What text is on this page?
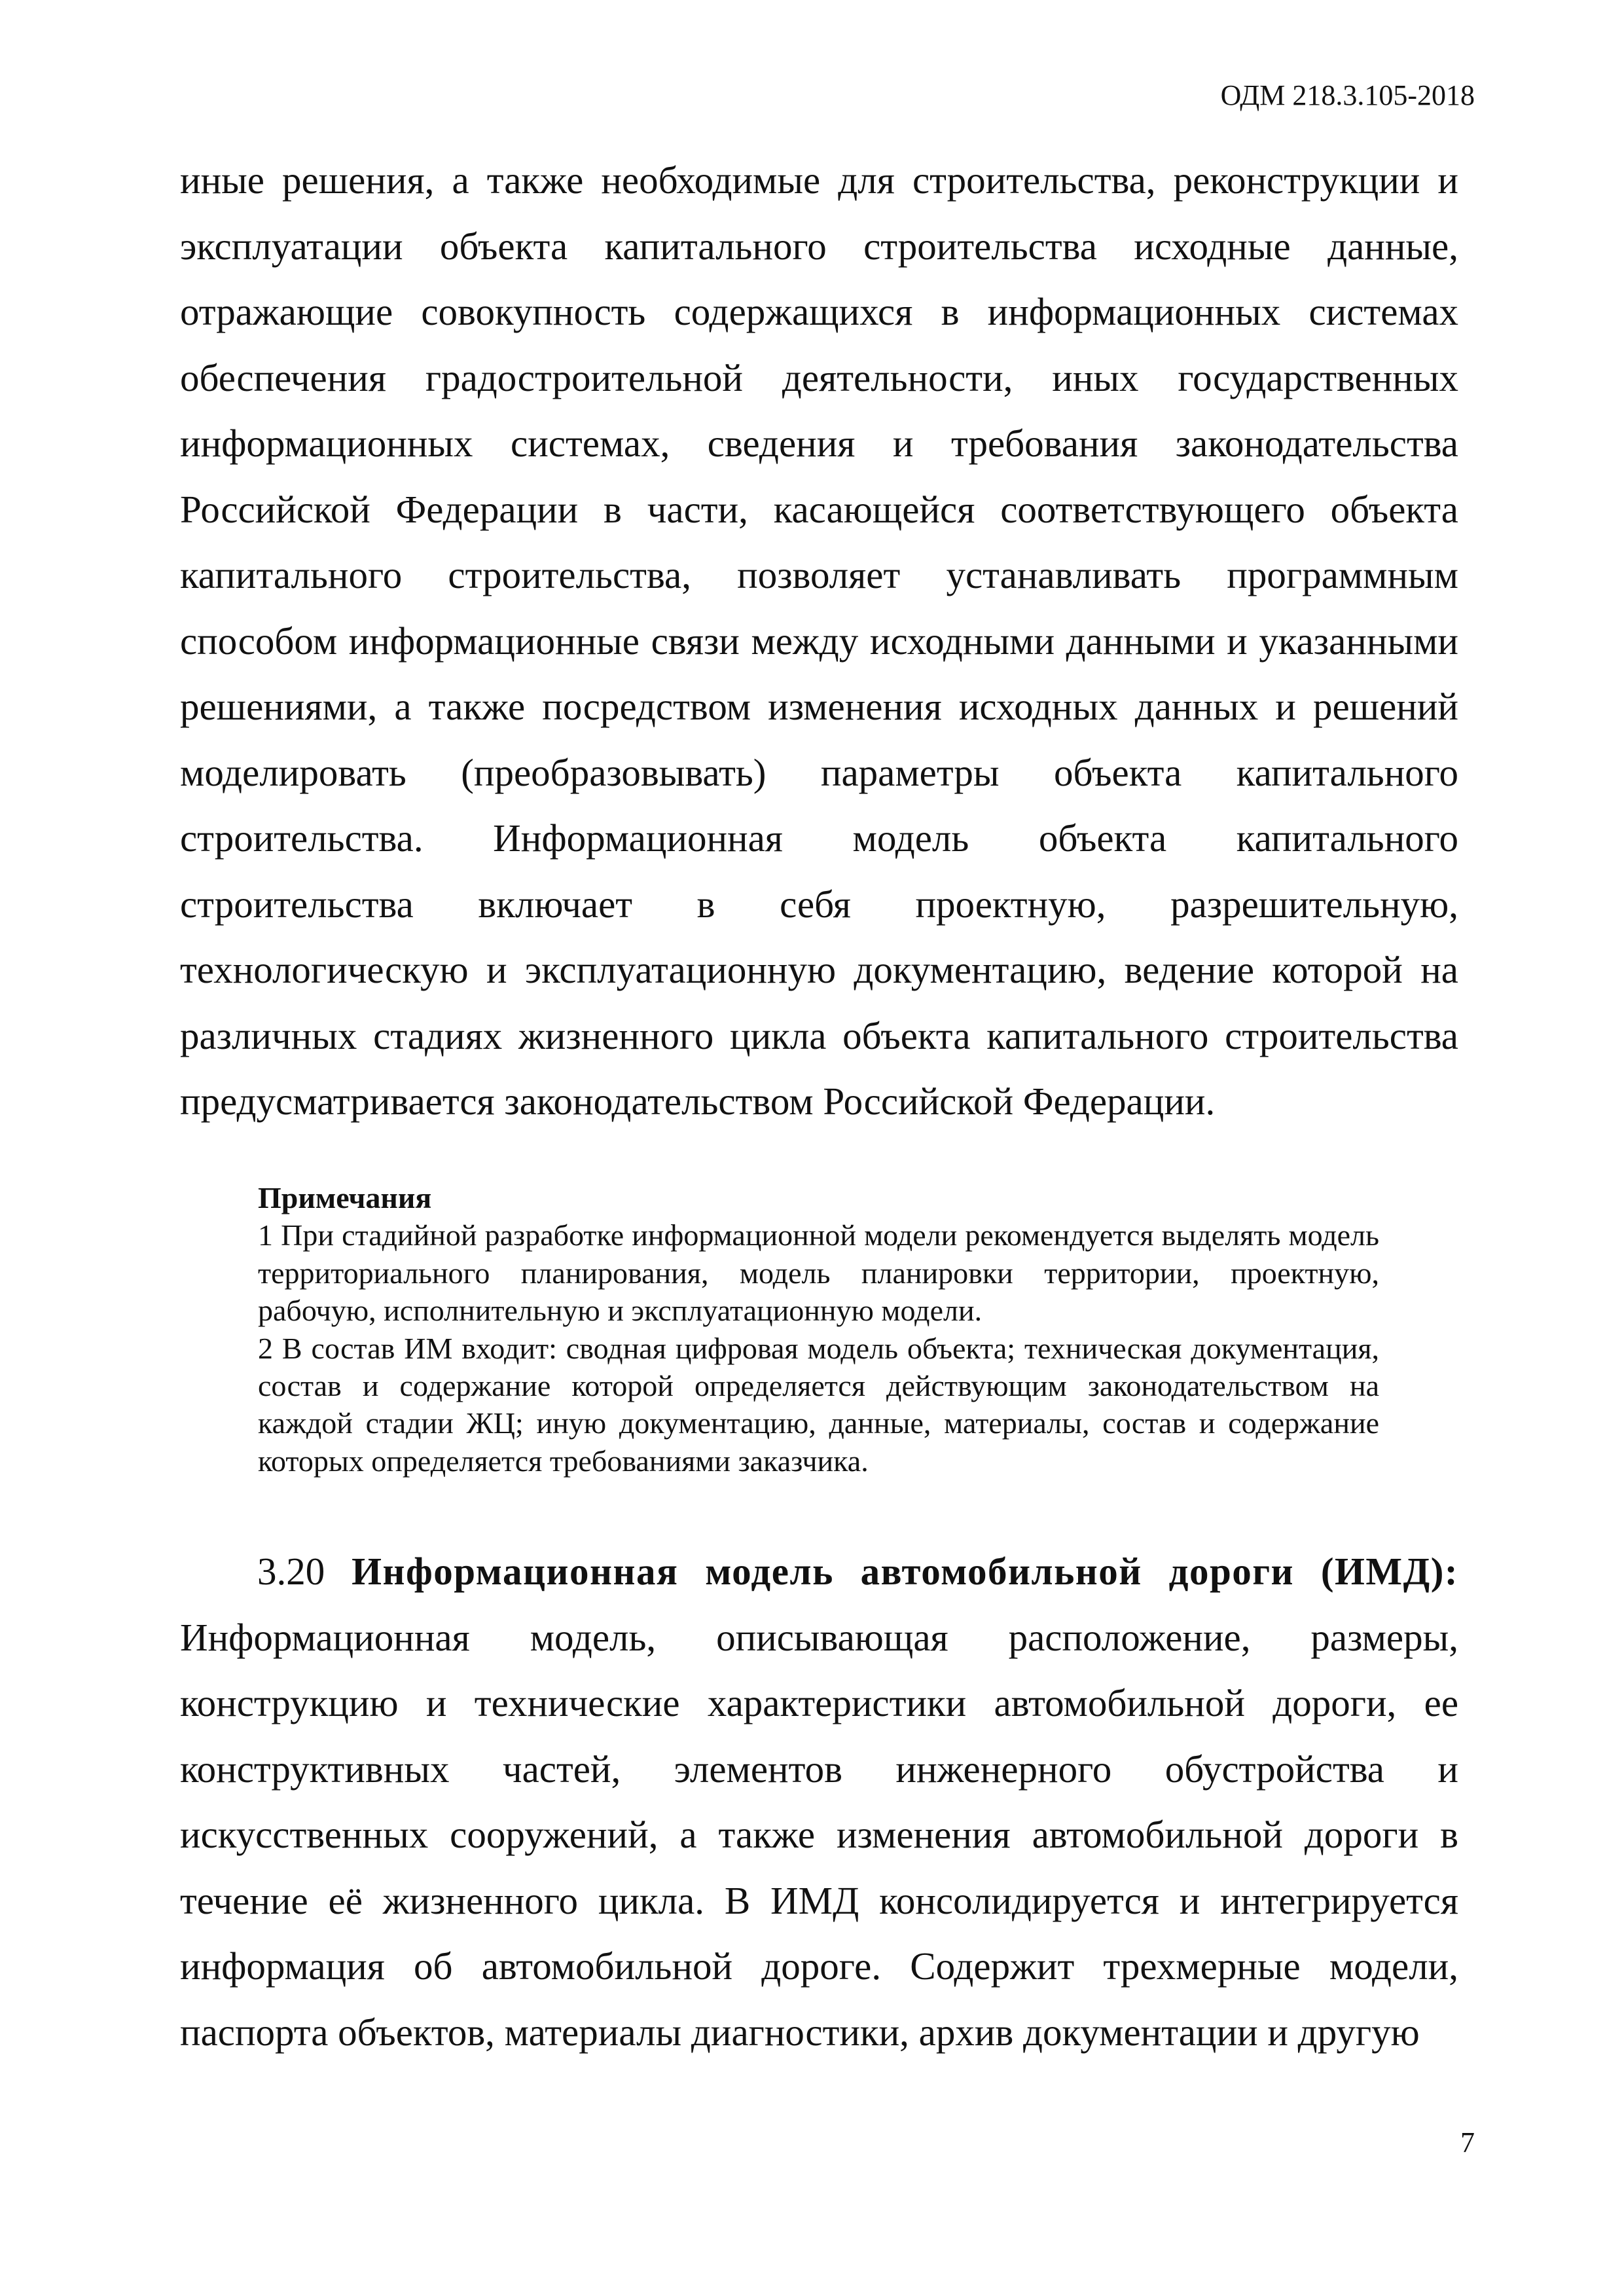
ОДМ 218.3.105-2018

иные решения, а также необходимые для строительства, реконструкции и эксплуатации объекта капитального строительства исходные данные, отражающие совокупность содержащихся в информационных системах обеспечения градостроительной деятельности, иных государственных информационных системах, сведения и требования законодательства Российской Федерации в части, касающейся соответствующего объекта капитального строительства, позволяет устанавливать программным способом информационные связи между исходными данными и указанными решениями, а также посредством изменения исходных данных и решений моделировать (преобразовывать) параметры объекта капитального строительства. Информационная модель объекта капитального строительства включает в себя проектную, разрешительную, технологическую и эксплуатационную документацию, ведение которой на различных стадиях жизненного цикла объекта капитального строительства предусматривается законодательством Российской Федерации.

Примечания

1 При стадийной разработке информационной модели рекомендуется выделять модель территориального планирования, модель планировки территории, проектную, рабочую, исполнительную и эксплуатационную модели.

2 В состав ИМ входит: сводная цифровая модель объекта; техническая документация, состав и содержание которой определяется действующим законодательством на каждой стадии ЖЦ; иную документацию, данные, материалы, состав и содержание которых определяется требованиями заказчика.

3.20 Информационная модель автомобильной дороги (ИМД):

Информационная модель, описывающая расположение, размеры, конструкцию и технические характеристики автомобильной дороги, ее конструктивных частей, элементов инженерного обустройства и искусственных сооружений, а также изменения автомобильной дороги в течение её жизненного цикла. В ИМД консолидируется и интегрируется информация об автомобильной дороге. Содержит трехмерные модели, паспорта объектов, материалы диагностики, архив документации и другую

7
